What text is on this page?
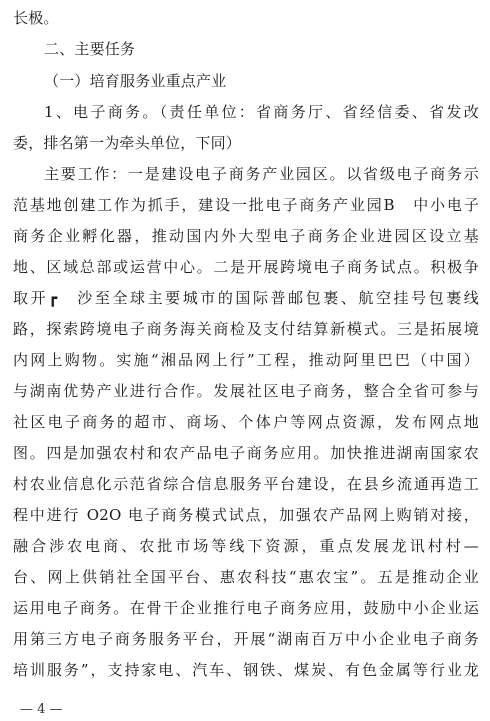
长极。
二、主要任务
（一）培育服务业重点产业
1、电子商务。（责任单位：省商务厅、省经信委、省发改
委，排名第一为牵头单位，下同）
主要工作：一是建设电子商务产业园区。以省级电子商务示
范基地创建工作为抓手，建设一批电子商务产业园B　中小电子
商务企业孵化器，推动国内外大型电子商务企业进园区设立基
地、区域总部或运营中心。二是开展跨境电子商务试点。积极争
取开┏　沙至全球主要城市的国际普邮包裹、航空挂号包裹线
路，探索跨境电子商务海关商检及支付结算新模式。三是拓展境
内网上购物。实施“湘品网上行”工程，推动阿里巴巴（中国）
与湖南优势产业进行合作。发展社区电子商务，整合全省可参与
社区电子商务的超市、商场、个体户等网点资源，发布网点地
图。四是加强农村和农产品电子商务应用。加快推进湖南国家农
村农业信息化示范省综合信息服务平台建设，在县乡流通再造工
程中进行 O2O 电子商务模式试点，加强农产品网上购销对接，
融合涉农电商、农批市场等线下资源，重点发展龙讯村村—
台、网上供销社全国平台、惠农科技“惠农宝”。五是推动企业
运用电子商务。在骨干企业推行电子商务应用，鼓励中小企业运
用第三方电子商务服务平台，开展“湖南百万中小企业电子商务
培训服务”，支持家电、汽车、钢铁、煤炭、有色金属等行业龙
— 4 —
